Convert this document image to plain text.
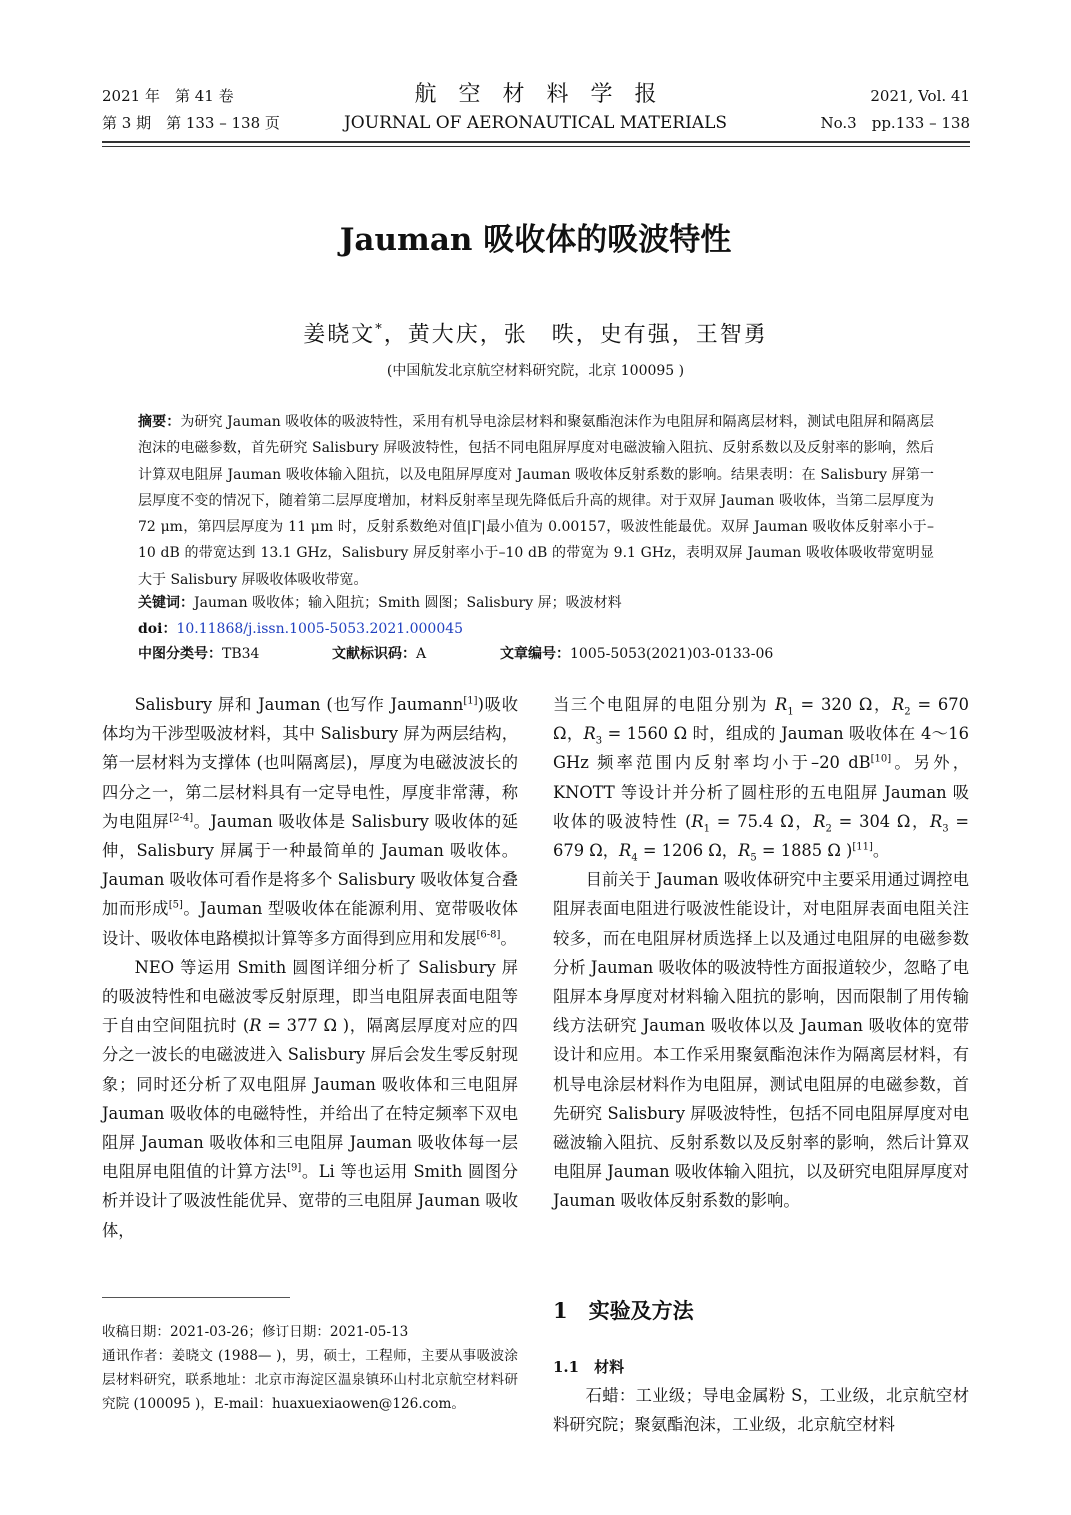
2021 年　第 41 卷
第 3 期　第 133 – 138 页
航　空　材　料　学　报
JOURNAL OF AERONAUTICAL MATERIALS
2021, Vol. 41
No.3　pp.133 – 138
Jauman 吸收体的吸波特性
姜晓文*，黄大庆，张　昳，史有强，王智勇
(中国航发北京航空材料研究院，北京 100095 )
摘要：为研究 Jauman 吸收体的吸波特性，采用有机导电涂层材料和聚氨酯泡沫作为电阻屏和隔离层材料，测试电阻屏和隔离层泡沫的电磁参数，首先研究 Salisbury 屏吸波特性，包括不同电阻屏厚度对电磁波输入阻抗、反射系数以及反射率的影响，然后计算双电阻屏 Jauman 吸收体输入阻抗，以及电阻屏厚度对 Jauman 吸收体反射系数的影响。结果表明：在 Salisbury 屏第一层厚度不变的情况下，随着第二层厚度增加，材料反射率呈现先降低后升高的规律。对于双屏 Jauman 吸收体，当第二层厚度为 72 μm，第四层厚度为 11 μm 时，反射系数绝对值|Γ|最小值为 0.00157，吸波性能最优。双屏 Jauman 吸收体反射率小于–10 dB 的带宽达到 13.1 GHz，Salisbury 屏反射率小于–10 dB 的带宽为 9.1 GHz，表明双屏 Jauman 吸收体吸收带宽明显大于 Salisbury 屏吸收体吸收带宽。
关键词：Jauman 吸收体；输入阻抗；Smith 圆图；Salisbury 屏；吸波材料
doi：10.11868/j.issn.1005-5053.2021.000045
中图分类号：TB34	文献标识码：A	文章编号：1005-5053(2021)03-0133-06

Salisbury 屏和 Jauman (也写作 Jaumann[1])吸收体均为干涉型吸波材料，其中 Salisbury 屏为两层结构，第一层材料为支撑体 (也叫隔离层)，厚度为电磁波波长的四分之一，第二层材料具有一定导电性，厚度非常薄，称为电阻屏[2-4]。Jauman 吸收体是 Salisbury 吸收体的延伸，Salisbury 屏属于一种最简单的 Jauman 吸收体。Jauman 吸收体可看作是将多个 Salisbury 吸收体复合叠加而形成[5]。Jauman 型吸收体在能源利用、宽带吸收体设计、吸收体电路模拟计算等多方面得到应用和发展[6-8]。

NEO 等运用 Smith 圆图详细分析了 Salisbury 屏的吸波特性和电磁波零反射原理，即当电阻屏表面电阻等于自由空间阻抗时 (R = 377 Ω )，隔离层厚度对应的四分之一波长的电磁波进入 Salisbury 屏后会发生零反射现象；同时还分析了双电阻屏 Jauman 吸收体和三电阻屏 Jauman 吸收体的电磁特性，并给出了在特定频率下双电阻屏 Jauman 吸收体和三电阻屏 Jauman 吸收体每一层电阻屏电阻值的计算方法[9]。Li 等也运用 Smith 圆图分析并设计了吸波性能优异、宽带的三电阻屏 Jauman 吸收体，

收稿日期：2021-03-26；修订日期：2021-05-13

通讯作者：姜晓文 (1988— )，男，硕士，工程师，主要从事吸波涂层材料研究，联系地址：北京市海淀区温泉镇环山村北京航空材料研究院 (100095 )，E-mail：huaxuexiaowen@126.com。

当三个电阻屏的电阻分别为 $R_1 = 320$ Ω，$R_2 = 670$ Ω，$R_3 = 1560$ Ω 时，组成的 Jauman 吸收体在 4～16 GHz 频率范围内反射率均小于–20 dB[10]。另外，KNOTT 等设计并分析了圆柱形的五电阻屏 Jauman 吸收体的吸波特性 ($R_1 = 75.4$ Ω，$R_2 = 304$ Ω，$R_3 = 679$ Ω，$R_4 = 1206$ Ω，$R_5 = 1885$ Ω )[11]。

目前关于 Jauman 吸收体研究中主要采用通过调控电阻屏表面电阻进行吸波性能设计，对电阻屏表面电阻关注较多，而在电阻屏材质选择上以及通过电阻屏的电磁参数分析 Jauman 吸收体的吸波特性方面报道较少，忽略了电阻屏本身厚度对材料输入阻抗的影响，因而限制了用传输线方法研究 Jauman 吸收体以及 Jauman 吸收体的宽带设计和应用。本工作采用聚氨酯泡沫作为隔离层材料，有机导电涂层材料作为电阻屏，测试电阻屏的电磁参数，首先研究 Salisbury 屏吸波特性，包括不同电阻屏厚度对电磁波输入阻抗、反射系数以及反射率的影响，然后计算双电阻屏 Jauman 吸收体输入阻抗，以及研究电阻屏厚度对 Jauman 吸收体反射系数的影响。

1　实验及方法
1.1　材料

石蜡：工业级；导电金属粉 S，工业级，北京航空材料研究院；聚氨酯泡沫，工业级，北京航空材料
